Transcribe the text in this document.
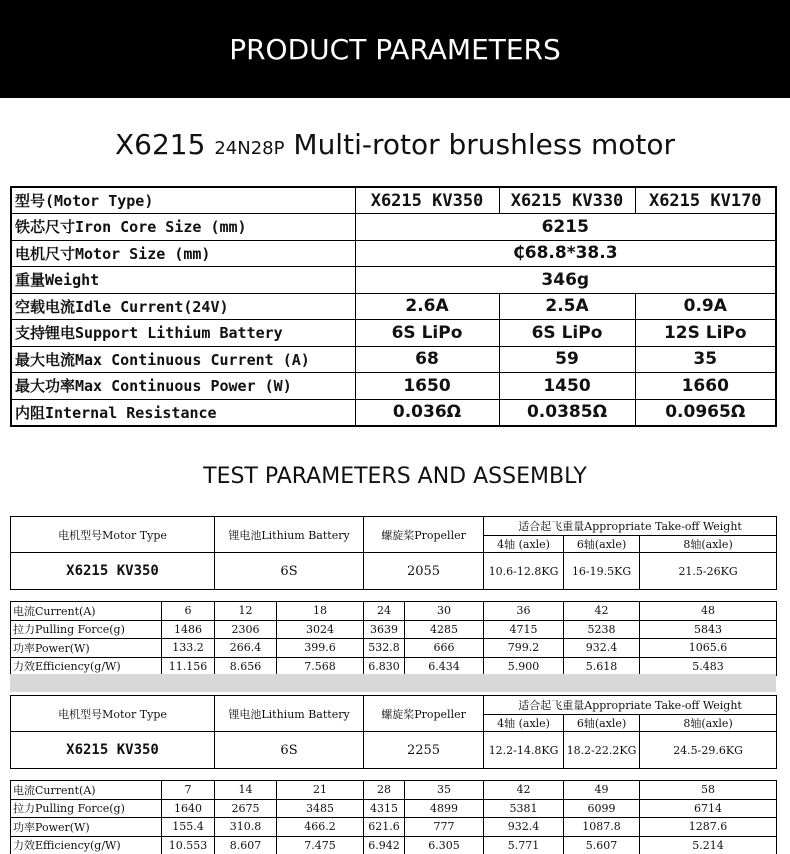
PRODUCT PARAMETERS
X6215 24N28P Multi-rotor brushless motor
型号(Motor Type)	X6215 KV350	X6215 KV330	X6215 KV170
铁芯尺寸Iron Core Size (mm)	6215		
电机尺寸Motor Size (mm)	₵68.8*38.3		
重量Weight	346g		
空载电流Idle Current(24V)	2.6A	2.5A	0.9A
支持锂电Support Lithium Battery	6S LiPo	6S LiPo	12S LiPo
最大电流Max Continuous Current (A)	68	59	35
最大功率Max Continuous Power (W)	1650	1450	1660
内阻Internal Resistance	0.036Ω	0.0385Ω	0.0965Ω
TEST PARAMETERS AND ASSEMBLY
电机型号Motor Type		锂电池Lithium Battery		螺旋桨Propeller		适合起飞重量Appropriate Take-off Weight		
						4轴 (axle)	6轴(axle)	8轴(axle)
X6215 KV350		6S		2055		10.6-12.8KG	16-19.5KG	21.5-26KG

电流Current(A)	6	12	18	24	30	36	42	48
拉力Pulling Force(g)	1486	2306	3024	3639	4285	4715	5238	5843
功率Power(W)	133.2	266.4	399.6	532.8	666	799.2	932.4	1065.6
力效Efficiency(g/W)	11.156	8.656	7.568	6.830	6.434	5.900	5.618	5.483
电机型号Motor Type		锂电池Lithium Battery		螺旋桨Propeller		适合起飞重量Appropriate Take-off Weight		
						4轴 (axle)	6轴(axle)	8轴(axle)
X6215 KV350		6S		2255		12.2-14.8KG	18.2-22.2KG	24.5-29.6KG

电流Current(A)	7	14	21	28	35	42	49	58
拉力Pulling Force(g)	1640	2675	3485	4315	4899	5381	6099	6714
功率Power(W)	155.4	310.8	466.2	621.6	777	932.4	1087.8	1287.6
力效Efficiency(g/W)	10.553	8.607	7.475	6.942	6.305	5.771	5.607	5.214
